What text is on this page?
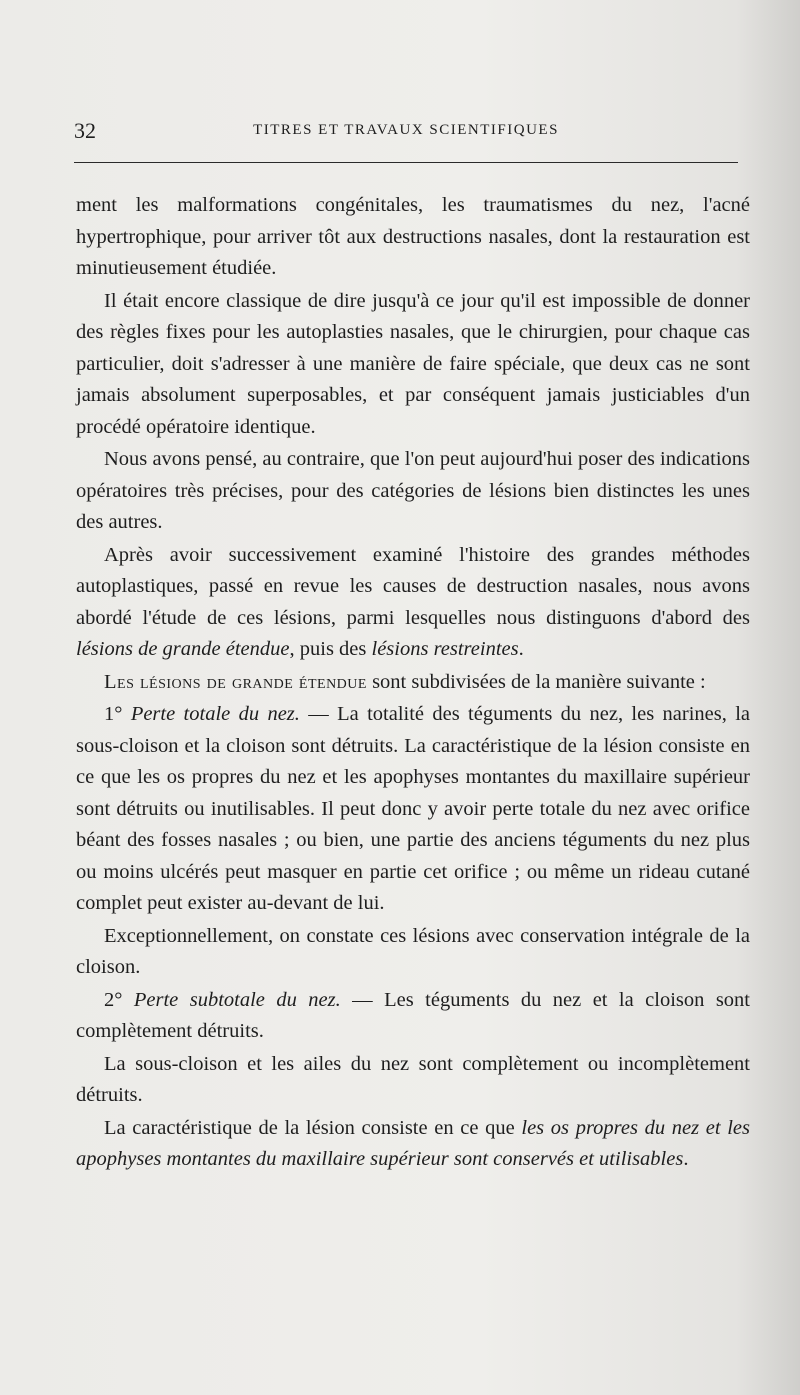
32	TITRES ET TRAVAUX SCIENTIFIQUES

ment les malformations congénitales, les traumatismes du nez, l'acné hypertrophique, pour arriver tôt aux destructions nasales, dont la restauration est minutieusement étudiée.

Il était encore classique de dire jusqu'à ce jour qu'il est impossible de donner des règles fixes pour les autoplasties nasales, que le chirurgien, pour chaque cas particulier, doit s'adresser à une manière de faire spéciale, que deux cas ne sont jamais absolument superposables, et par conséquent jamais justiciables d'un procédé opératoire identique.

Nous avons pensé, au contraire, que l'on peut aujourd'hui poser des indications opératoires très précises, pour des catégories de lésions bien distinctes les unes des autres.

Après avoir successivement examiné l'histoire des grandes méthodes autoplastiques, passé en revue les causes de destruction nasales, nous avons abordé l'étude de ces lésions, parmi lesquelles nous distinguons d'abord des lésions de grande étendue, puis des lésions restreintes.

Les lésions de grande étendue sont subdivisées de la manière suivante :

1° Perte totale du nez. — La totalité des téguments du nez, les narines, la sous-cloison et la cloison sont détruits. La caractéristique de la lésion consiste en ce que les os propres du nez et les apophyses montantes du maxillaire supérieur sont détruits ou inutilisables. Il peut donc y avoir perte totale du nez avec orifice béant des fosses nasales ; ou bien, une partie des anciens téguments du nez plus ou moins ulcérés peut masquer en partie cet orifice ; ou même un rideau cutané complet peut exister au-devant de lui.

Exceptionnellement, on constate ces lésions avec conservation intégrale de la cloison.

2° Perte subtotale du nez. — Les téguments du nez et la cloison sont complètement détruits.

La sous-cloison et les ailes du nez sont complètement ou incomplètement détruits.

La caractéristique de la lésion consiste en ce que les os propres du nez et les apophyses montantes du maxillaire supérieur sont conservés et utilisables.
